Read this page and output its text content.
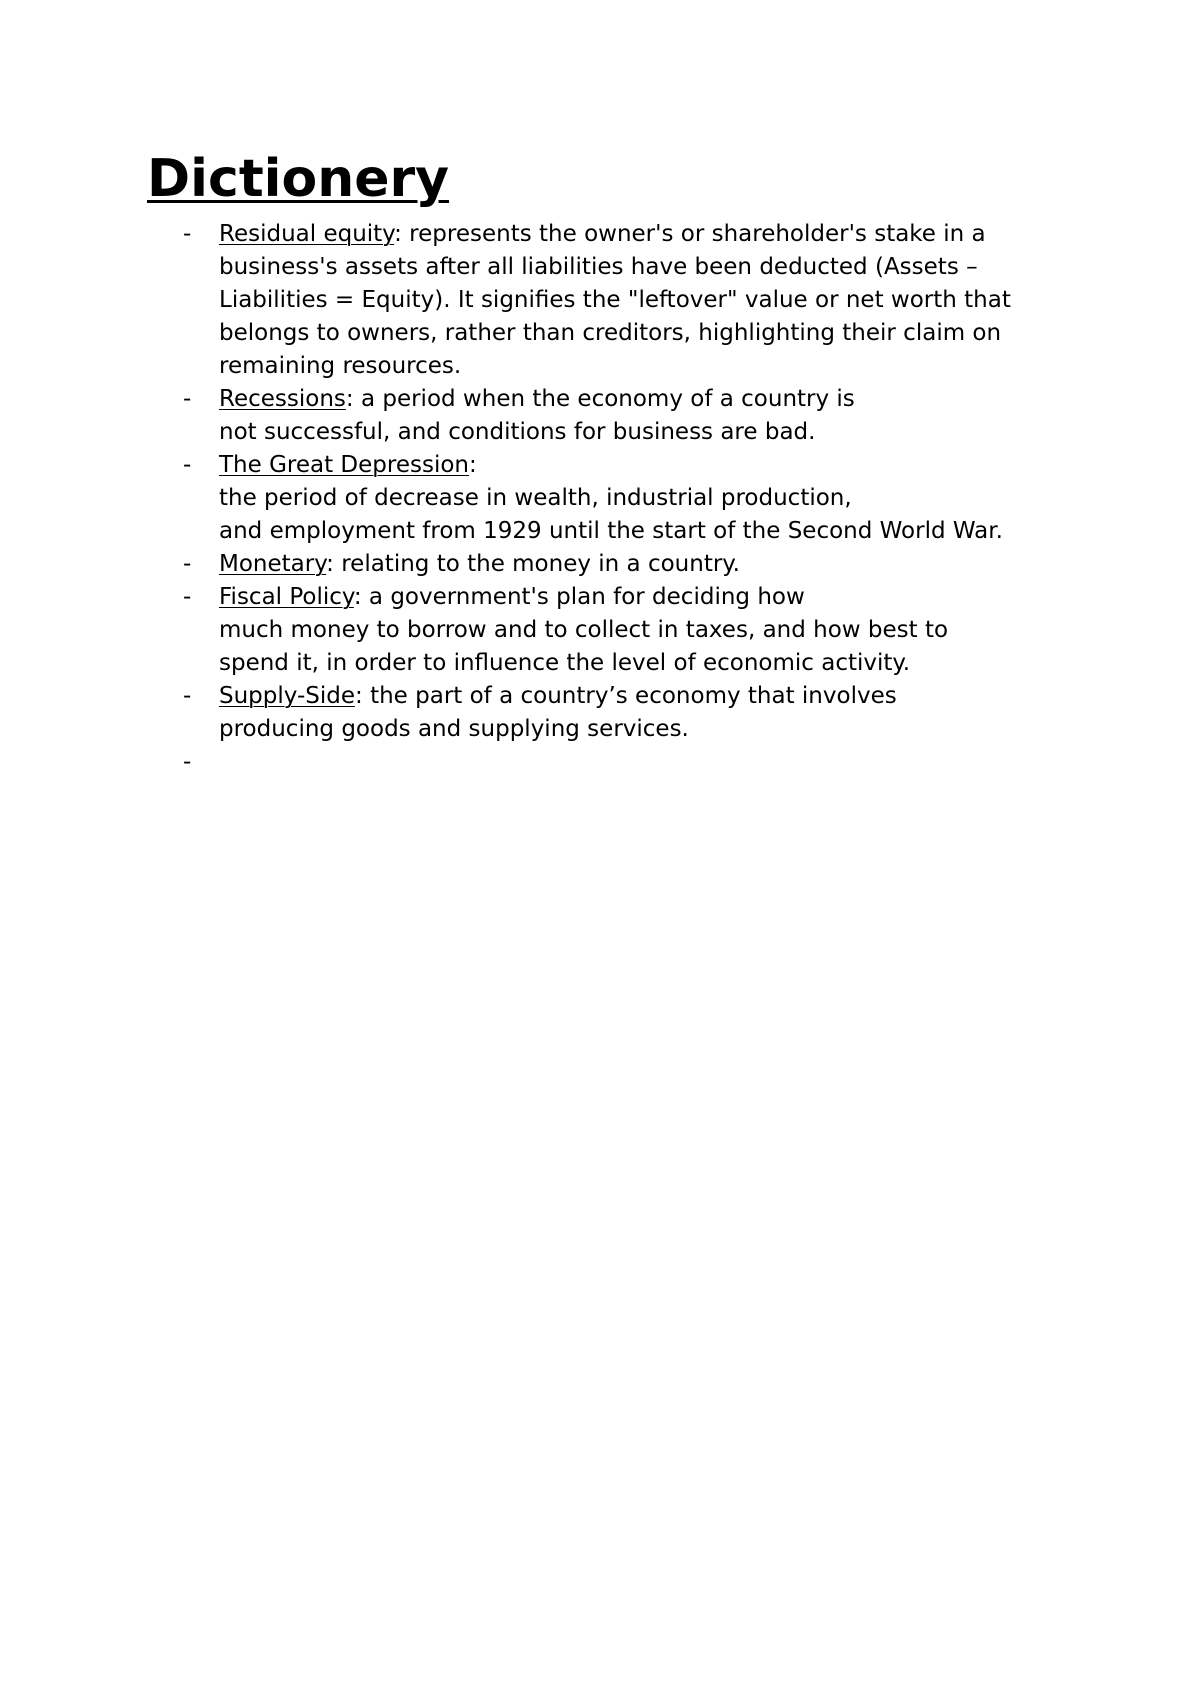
Dictionery
-	Residual equity: represents the owner's or shareholder's stake in a
business's assets after all liabilities have been deducted (Assets –
Liabilities = Equity). It signifies the "leftover" value or net worth that
belongs to owners, rather than creditors, highlighting their claim on
remaining resources.
-	Recessions: a period when the economy of a country is
not successful, and conditions for business are bad.
-	The Great Depression:
the period of decrease in wealth, industrial production,
and employment from 1929 until the start of the Second World War.
-	Monetary: relating to the money in a country.
-	Fiscal Policy: a government's plan for deciding how
much money to borrow and to collect in taxes, and how best to
spend it, in order to influence the level of economic activity.
-	Supply-Side: the part of a country’s economy that involves
producing goods and supplying services.
-
